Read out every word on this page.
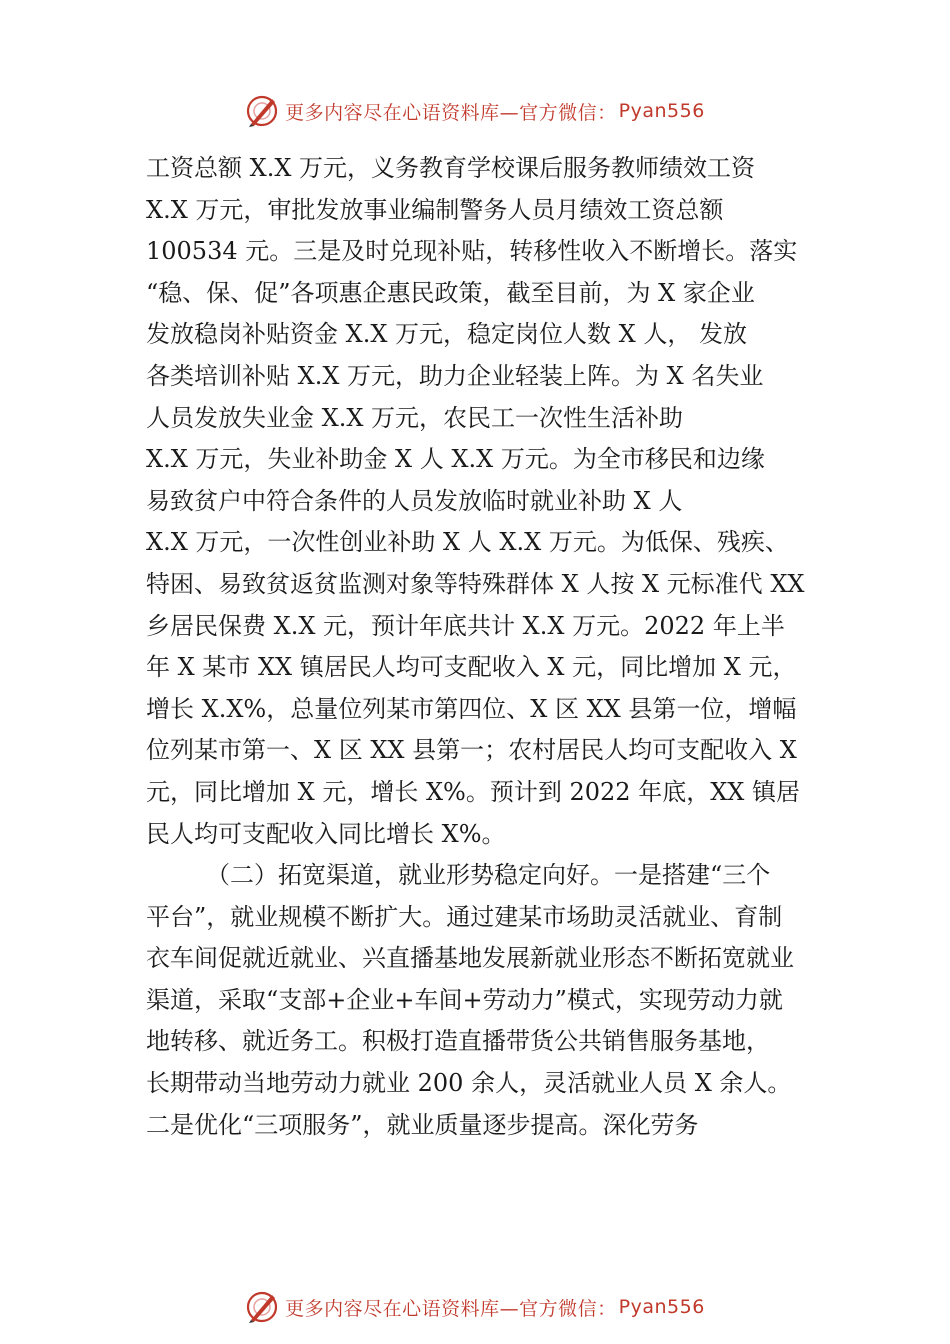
更多内容尽在心语资料库—官方微信： Pyan556
工资总额 X.X 万元，义务教育学校课后服务教师绩效工资
X.X 万元，审批发放事业编制警务人员月绩效工资总额
100534 元。三是及时兑现补贴，转移性收入不断增长。落实
“稳、保、促”各项惠企惠民政策，截至目前，为 X 家企业
发放稳岗补贴资金 X.X 万元，稳定岗位人数 X 人， 发放
各类培训补贴 X.X 万元，助力企业轻装上阵。为 X 名失业
人员发放失业金 X.X 万元，农民工一次性生活补助
X.X 万元，失业补助金 X 人 X.X 万元。为全市移民和边缘
易致贫户中符合条件的人员发放临时就业补助 X 人
X.X 万元，一次性创业补助 X 人 X.X 万元。为低保、残疾、
特困、易致贫返贫监测对象等特殊群体 X 人按 X 元标准代 XX
乡居民保费 X.X 元，预计年底共计 X.X 万元。2022 年上半
年 X 某市 XX 镇居民人均可支配收入 X 元，同比增加 X 元，
增长 X.X%，总量位列某市第四位、X 区 XX 县第一位，增幅
位列某市第一、X 区 XX 县第一；农村居民人均可支配收入 X
元，同比增加 X 元，增长 X%。预计到 2022 年底，XX 镇居
民人均可支配收入同比增长 X%。
（二）拓宽渠道，就业形势稳定向好。一是搭建“三个
平台”，就业规模不断扩大。通过建某市场助灵活就业、育制
衣车间促就近就业、兴直播基地发展新就业形态不断拓宽就业
渠道，采取“支部+企业+车间+劳动力”模式，实现劳动力就
地转移、就近务工。积极打造直播带货公共销售服务基地，
长期带动当地劳动力就业 200 余人，灵活就业人员 X 余人。
二是优化“三项服务”，就业质量逐步提高。深化劳务
更多内容尽在心语资料库—官方微信： Pyan556
